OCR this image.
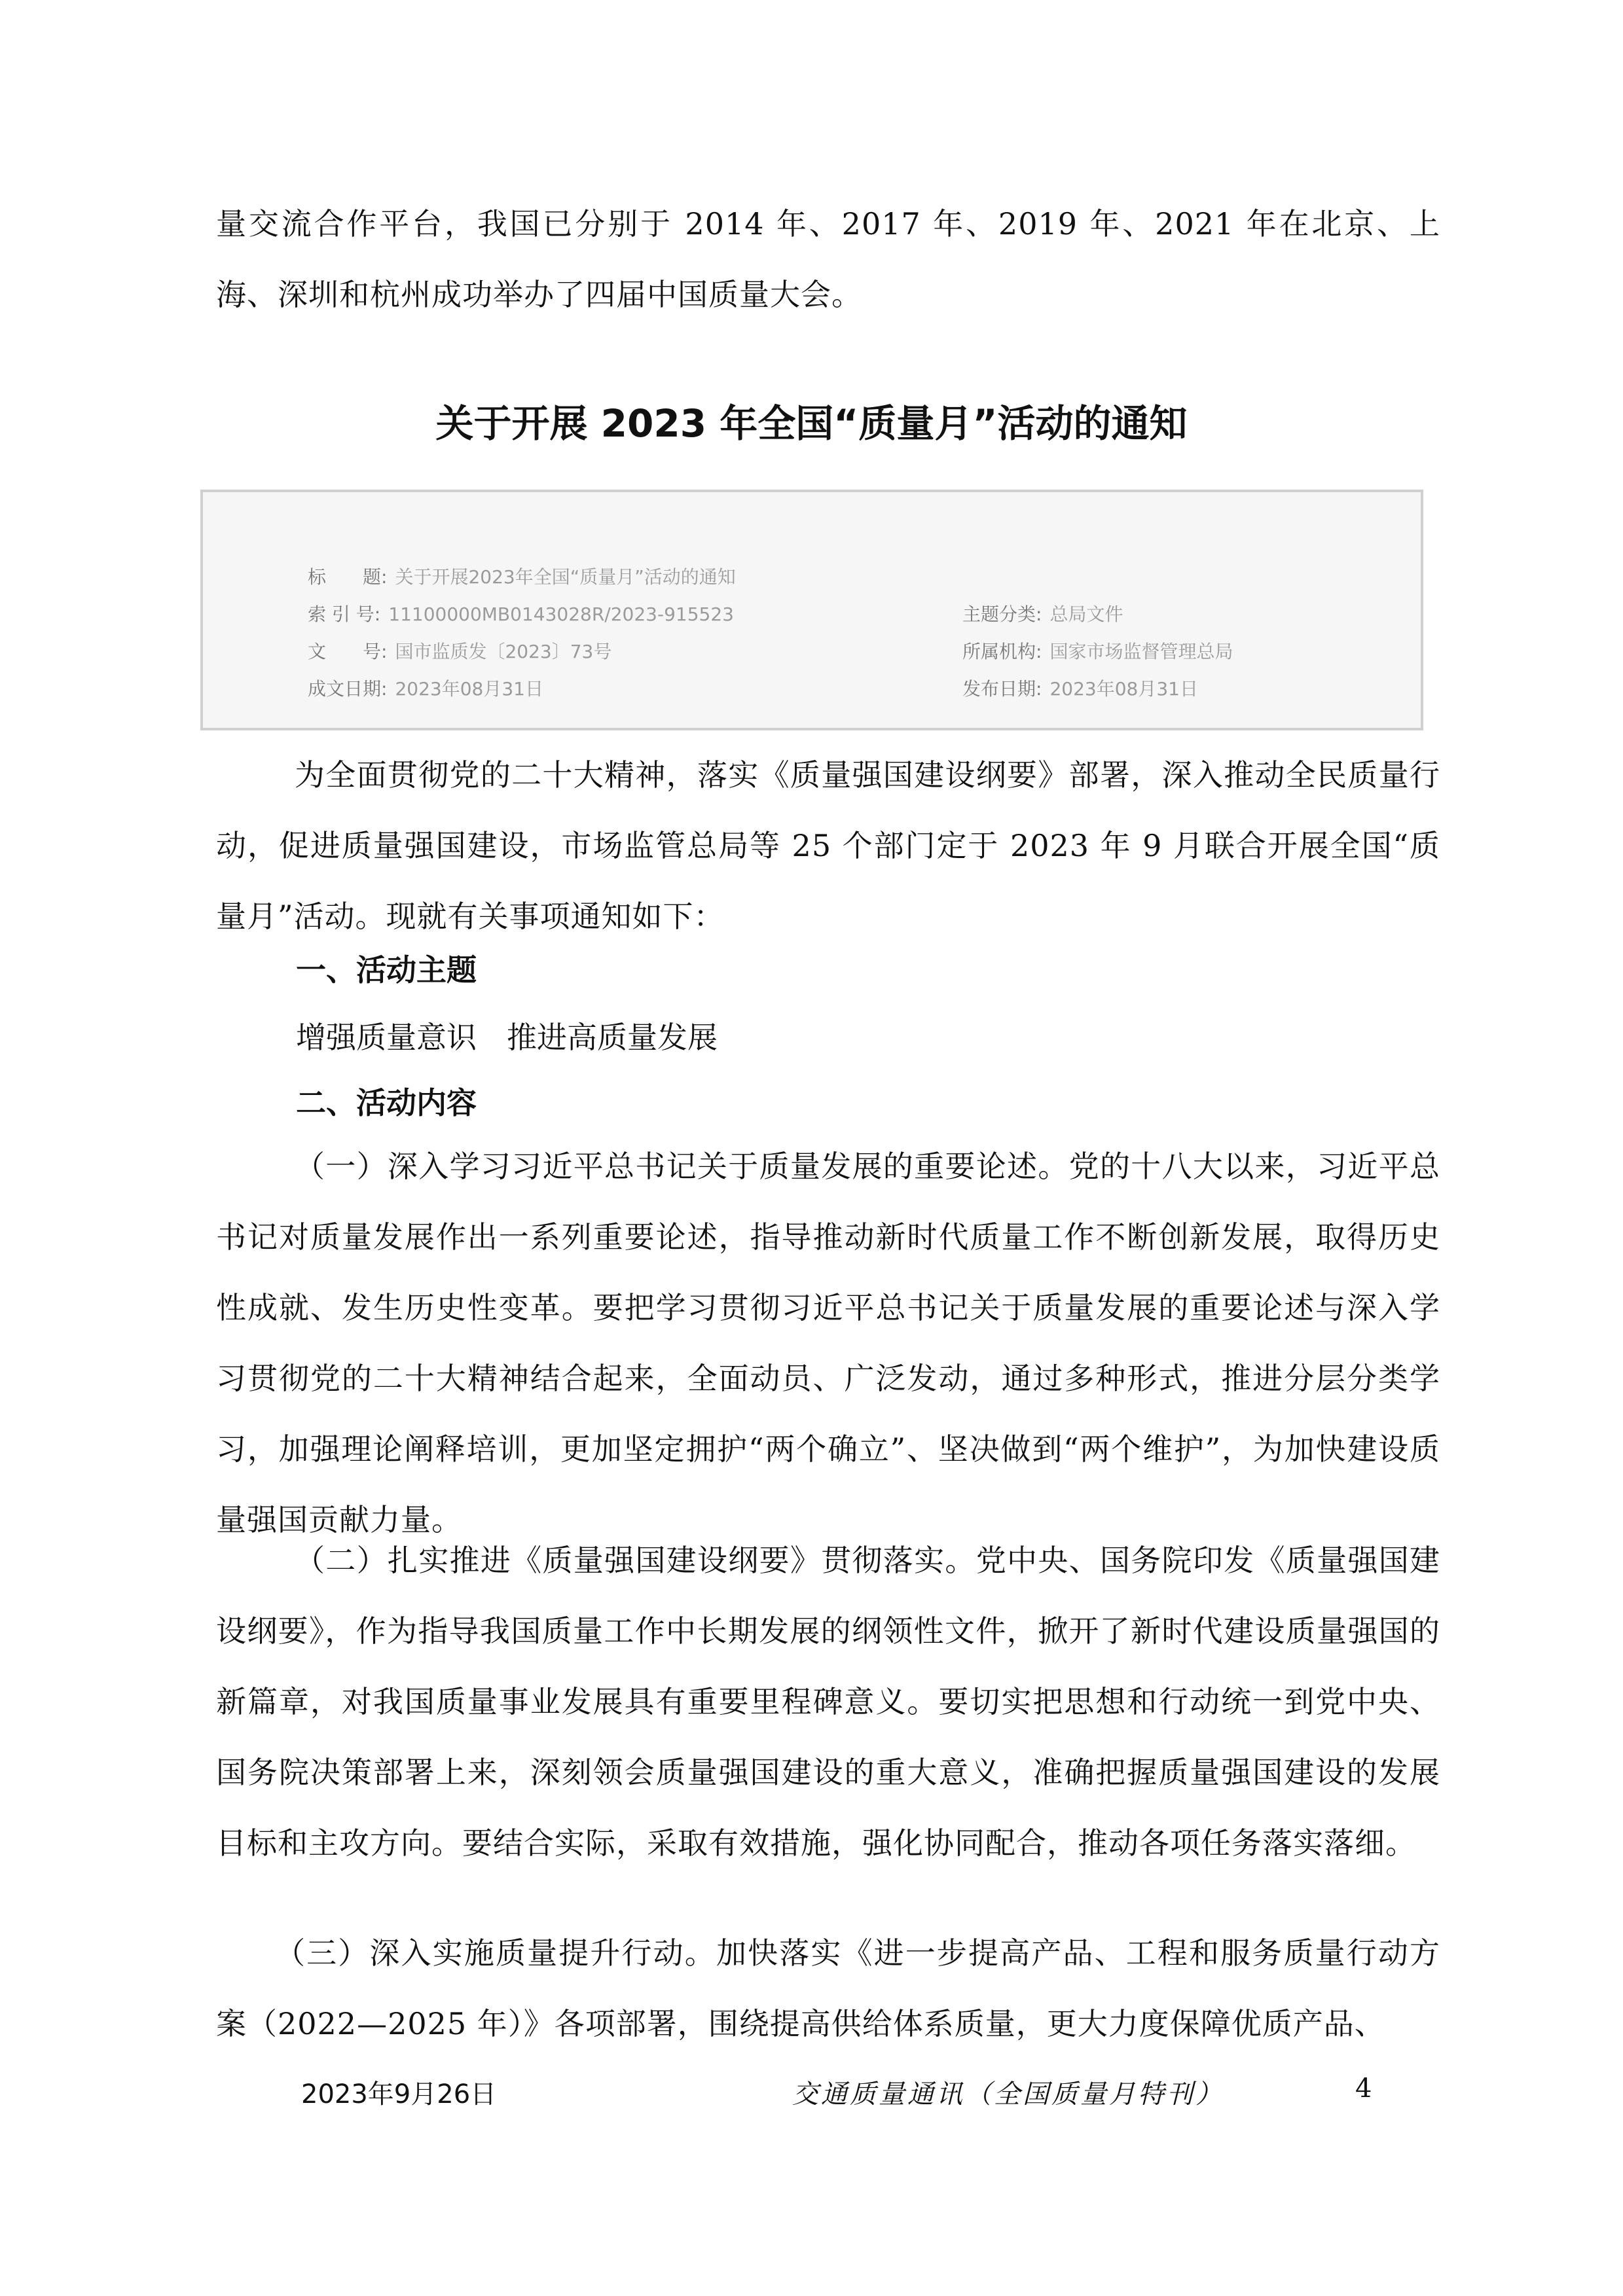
量交流合作平台，我国已分别于 2014 年、2017 年、2019 年、2021 年在北京、上海、深圳和杭州成功举办了四届中国质量大会。

关于开展 2023 年全国“质量月”活动的通知
标　　题: 关于开展2023年全国“质量月”活动的通知
索 引 号: 11100000MB0143028R/2023-915523
文　　号: 国市监质发〔2023〕73号
成文日期: 2023年08月31日
主题分类: 总局文件
所属机构: 国家市场监督管理总局
发布日期: 2023年08月31日

为全面贯彻党的二十大精神，落实《质量强国建设纲要》部署，深入推动全民质量行动，促进质量强国建设，市场监管总局等 25 个部门定于 2023 年 9 月联合开展全国“质量月”活动。现就有关事项通知如下：

一、活动主题

增强质量意识　推进高质量发展

二、活动内容

（一）深入学习习近平总书记关于质量发展的重要论述。党的十八大以来，习近平总书记对质量发展作出一系列重要论述，指导推动新时代质量工作不断创新发展，取得历史性成就、发生历史性变革。要把学习贯彻习近平总书记关于质量发展的重要论述与深入学习贯彻党的二十大精神结合起来，全面动员、广泛发动，通过多种形式，推进分层分类学习，加强理论阐释培训，更加坚定拥护“两个确立”、坚决做到“两个维护”，为加快建设质量强国贡献力量。

（二）扎实推进《质量强国建设纲要》贯彻落实。党中央、国务院印发《质量强国建设纲要》，作为指导我国质量工作中长期发展的纲领性文件，掀开了新时代建设质量强国的新篇章，对我国质量事业发展具有重要里程碑意义。要切实把思想和行动统一到党中央、国务院决策部署上来，深刻领会质量强国建设的重大意义，准确把握质量强国建设的发展目标和主攻方向。要结合实际，采取有效措施，强化协同配合，推动各项任务落实落细。

（三）深入实施质量提升行动。加快落实《进一步提高产品、工程和服务质量行动方案（2022—2025 年）》各项部署，围绕提高供给体系质量，更大力度保障优质产品、

2023年9月26日	交通质量通讯（全国质量月特刊）	4
